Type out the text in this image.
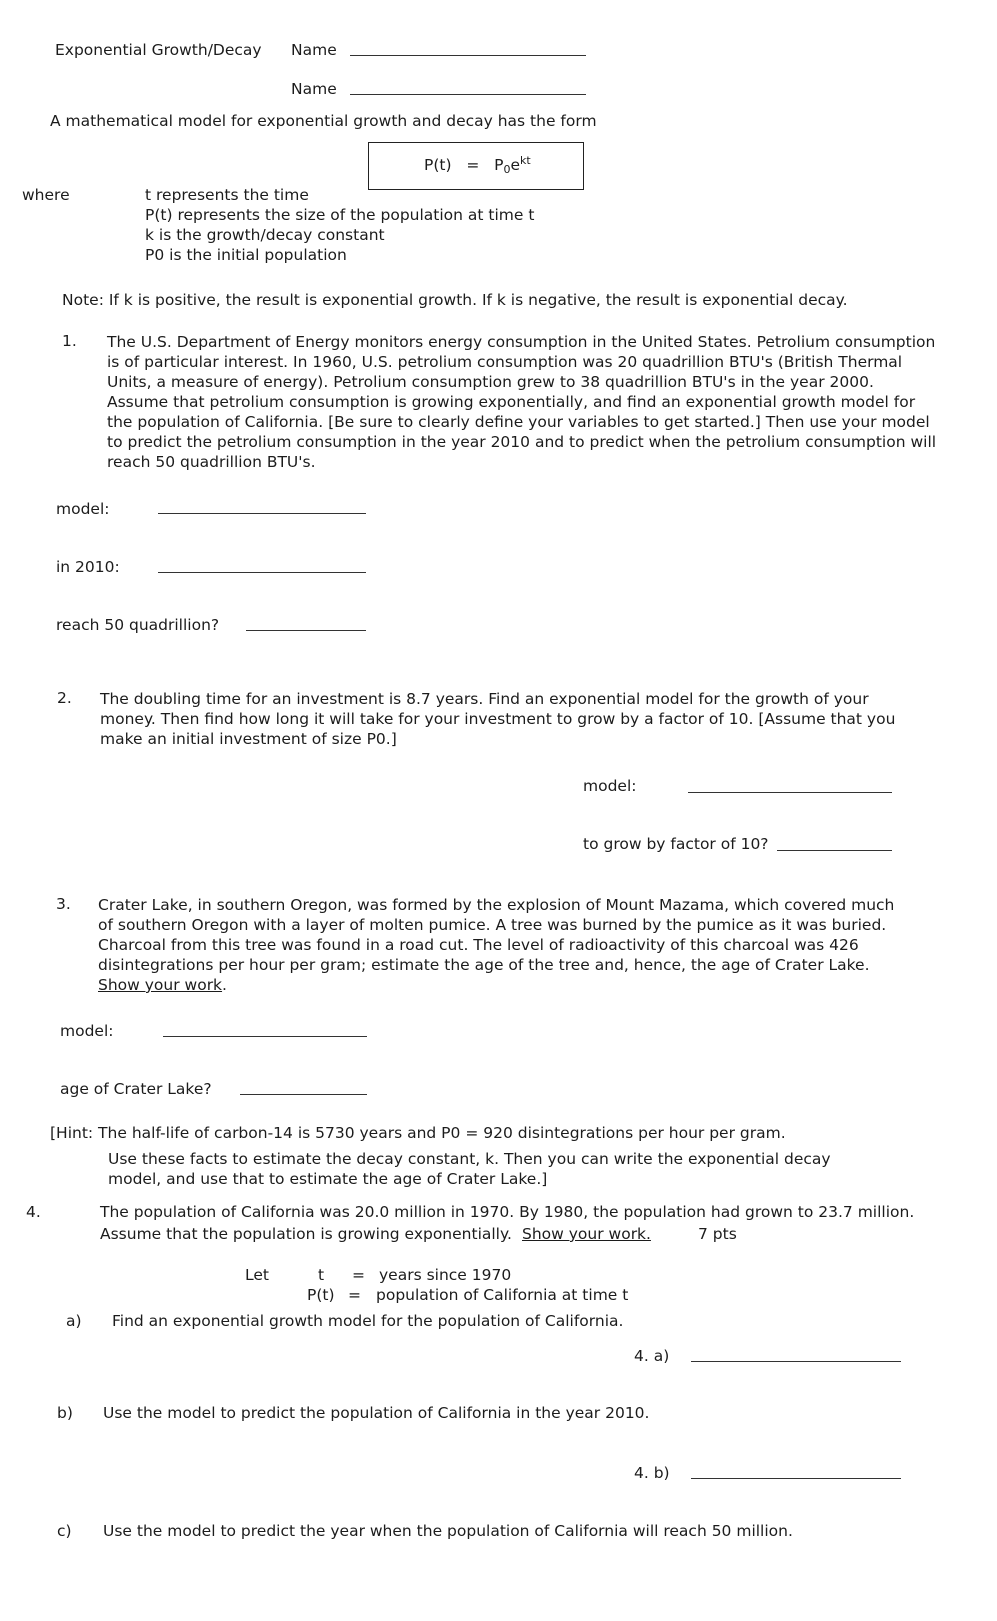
Exponential Growth/Decay Name
Name
A mathematical model for exponential growth and decay has the form
$P(t) = P0e^{kt}$
where	t represents the time
P(t) represents the size of the population at time t
k is the growth/decay constant
P0 is the initial population
Note: If k is positive, the result is exponential growth. If k is negative, the result is exponential decay.
1. The U.S. Department of Energy monitors energy consumption in the United States. Petrolium consumption is of particular interest. In 1960, U.S. petrolium consumption was 20 quadrillion BTU's (British Thermal Units, a measure of energy). Petrolium consumption grew to 38 quadrillion BTU's in the year 2000. Assume that petrolium consumption is growing exponentially, and find an exponential growth model for the population of California. [Be sure to clearly define your variables to get started.] Then use your model to predict the petrolium consumption in the year 2010 and to predict when the petrolium consumption will reach 50 quadrillion BTU's.
model:
in 2010:
reach 50 quadrillion?
2. The doubling time for an investment is 8.7 years. Find an exponential model for the growth of your money. Then find how long it will take for your investment to grow by a factor of 10. [Assume that you make an initial investment of size P0.]
model:
to grow by factor of 10?
3. Crater Lake, in southern Oregon, was formed by the explosion of Mount Mazama, which covered much of southern Oregon with a layer of molten pumice. A tree was burned by the pumice as it was buried. Charcoal from this tree was found in a road cut. The level of radioactivity of this charcoal was 426 disintegrations per hour per gram; estimate the age of the tree and, hence, the age of Crater Lake. Show your work.
model:
age of Crater Lake?
[Hint: The half-life of carbon-14 is 5730 years and P0 = 920 disintegrations per hour per gram.
Use these facts to estimate the decay constant, k. Then you can write the exponential decay
model, and use that to estimate the age of Crater Lake.]
4.	The population of California was 20.0 million in 1970. By 1980, the population had grown to 23.7 million.
Assume that the population is growing exponentially. Show your work.	7 pts
Let	t = years since 1970
P(t) = population of California at time t
a) Find an exponential growth model for the population of California.
4. a)
b) Use the model to predict the population of California in the year 2010.
4. b)
c) Use the model to predict the year when the population of California will reach 50 million.
